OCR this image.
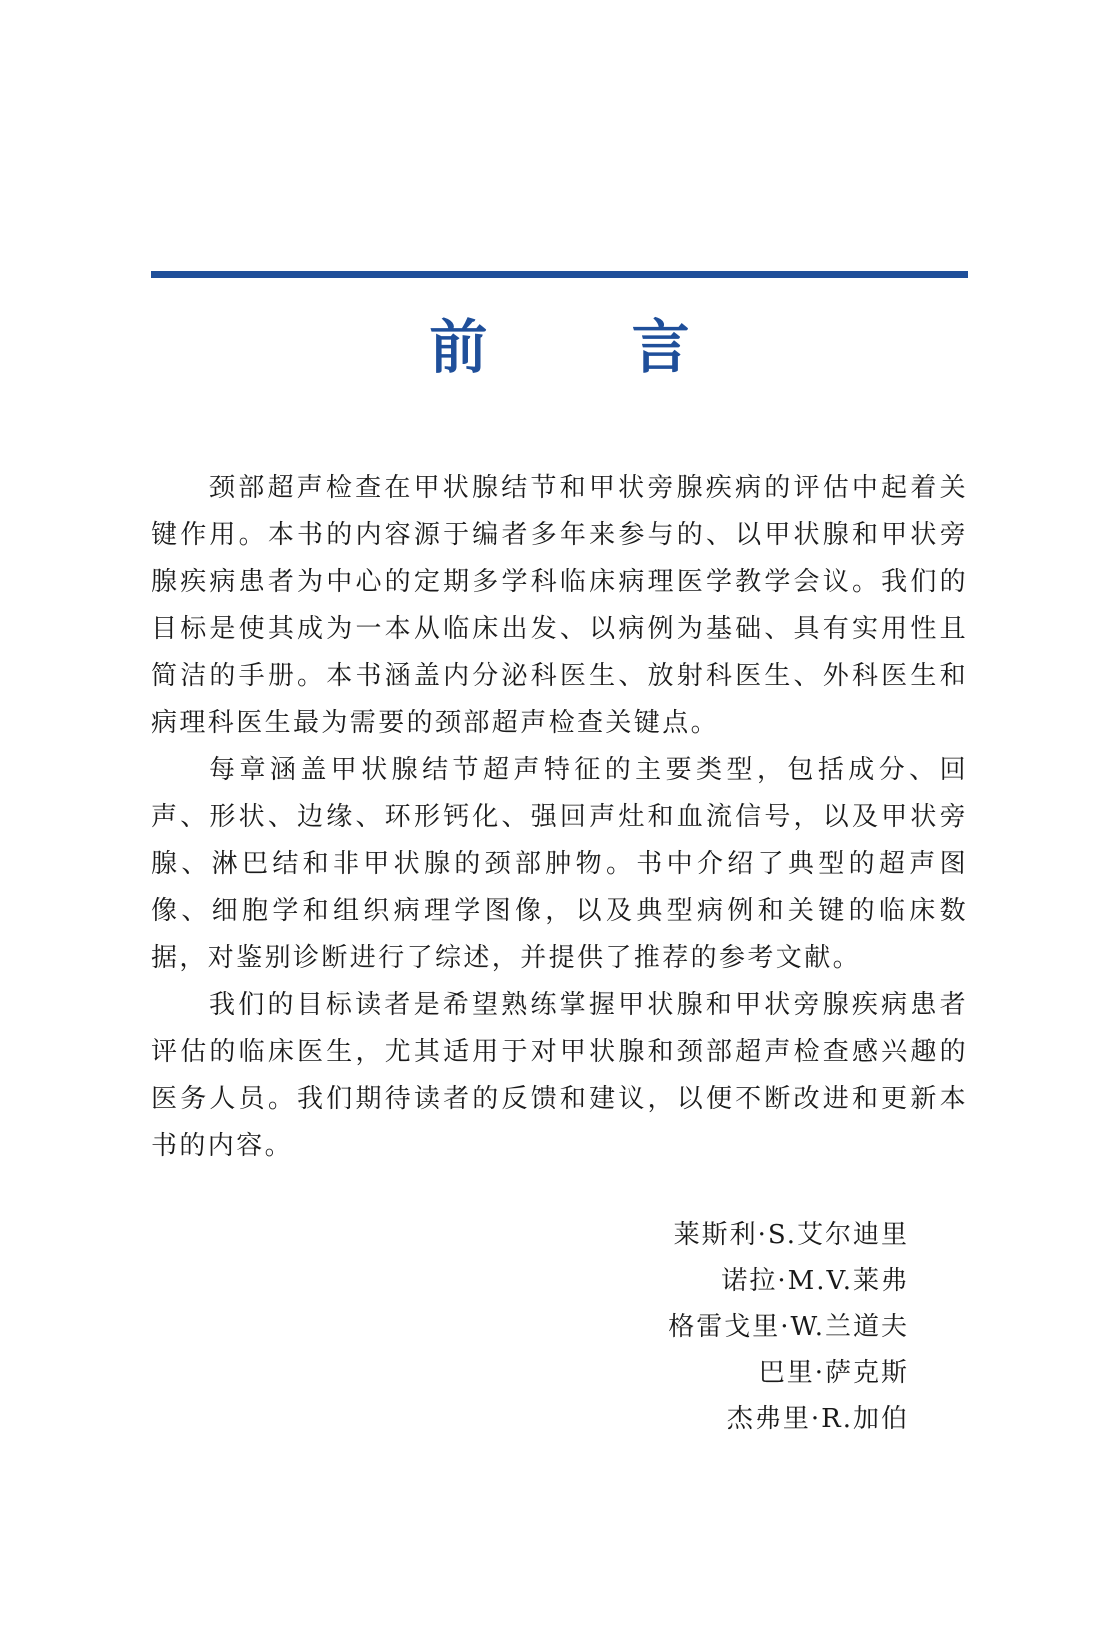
前 言

颈部超声检查在甲状腺结节和甲状旁腺疾病的评估中起着关键作用。本书的内容源于编者多年来参与的、以甲状腺和甲状旁腺疾病患者为中心的定期多学科临床病理医学教学会议。我们的目标是使其成为一本从临床出发、以病例为基础、具有实用性且简洁的手册。本书涵盖内分泌科医生、放射科医生、外科医生和病理科医生最为需要的颈部超声检查关键点。

每章涵盖甲状腺结节超声特征的主要类型，包括成分、回声、形状、边缘、环形钙化、强回声灶和血流信号，以及甲状旁腺、淋巴结和非甲状腺的颈部肿物。书中介绍了典型的超声图像、细胞学和组织病理学图像，以及典型病例和关键的临床数据，对鉴别诊断进行了综述，并提供了推荐的参考文献。

我们的目标读者是希望熟练掌握甲状腺和甲状旁腺疾病患者评估的临床医生，尤其适用于对甲状腺和颈部超声检查感兴趣的医务人员。我们期待读者的反馈和建议，以便不断改进和更新本书的内容。

莱斯利·S.艾尔迪里
诺拉·M.V.莱弗
格雷戈里·W.兰道夫
巴里·萨克斯
杰弗里·R.加伯
